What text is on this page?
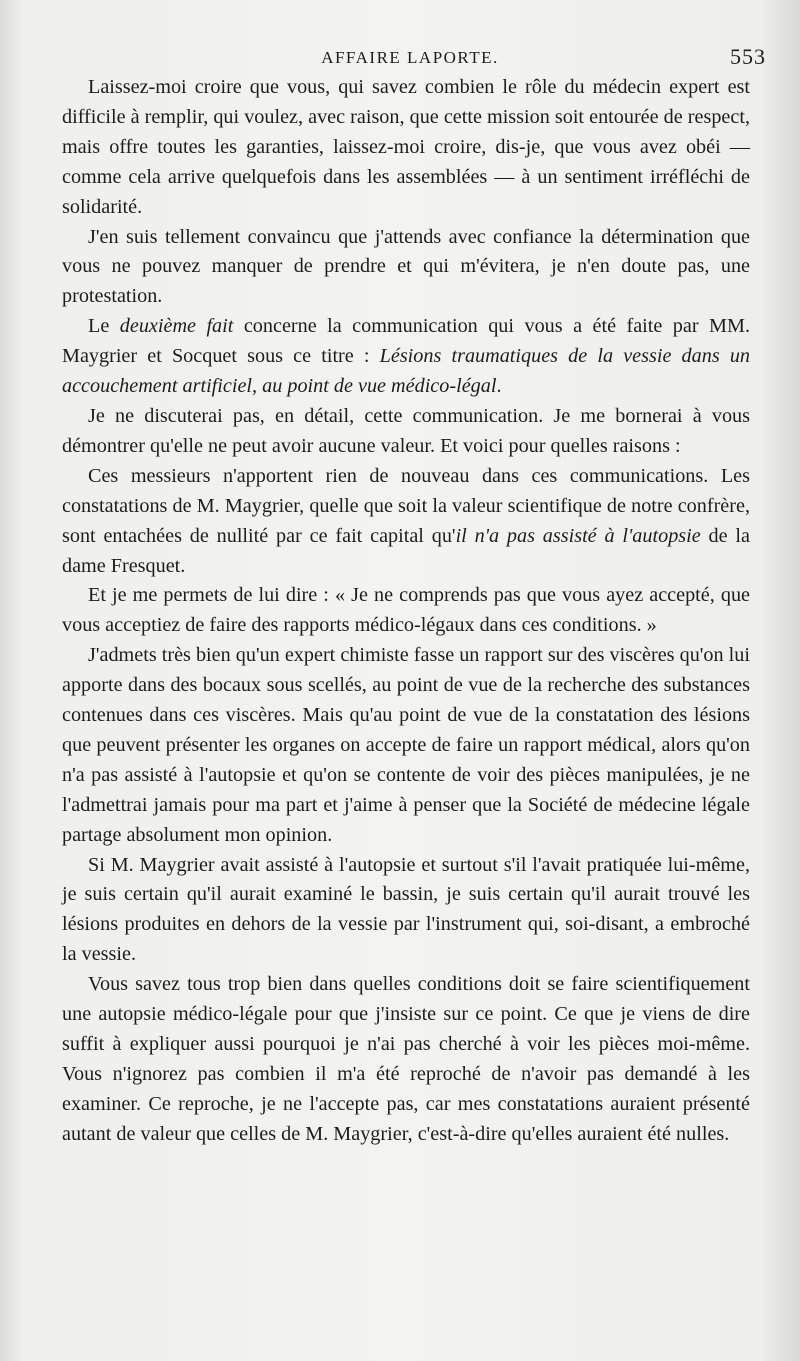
AFFAIRE LAPORTE.	553

Laissez-moi croire que vous, qui savez combien le rôle du médecin expert est difficile à remplir, qui voulez, avec raison, que cette mission soit entourée de respect, mais offre toutes les garanties, laissez-moi croire, dis-je, que vous avez obéi — comme cela arrive quelquefois dans les assemblées — à un sentiment irréfléchi de solidarité.

J'en suis tellement convaincu que j'attends avec confiance la détermination que vous ne pouvez manquer de prendre et qui m'évitera, je n'en doute pas, une protestation.

Le deuxième fait concerne la communication qui vous a été faite par MM. Maygrier et Socquet sous ce titre : Lésions traumatiques de la vessie dans un accouchement artificiel, au point de vue médico-légal.

Je ne discuterai pas, en détail, cette communication. Je me bornerai à vous démontrer qu'elle ne peut avoir aucune valeur. Et voici pour quelles raisons :

Ces messieurs n'apportent rien de nouveau dans ces communications. Les constatations de M. Maygrier, quelle que soit la valeur scientifique de notre confrère, sont entachées de nullité par ce fait capital qu'il n'a pas assisté à l'autopsie de la dame Fresquet.

Et je me permets de lui dire : « Je ne comprends pas que vous ayez accepté, que vous acceptiez de faire des rapports médico-légaux dans ces conditions. »

J'admets très bien qu'un expert chimiste fasse un rapport sur des viscères qu'on lui apporte dans des bocaux sous scellés, au point de vue de la recherche des substances contenues dans ces viscères. Mais qu'au point de vue de la constatation des lésions que peuvent présenter les organes on accepte de faire un rapport médical, alors qu'on n'a pas assisté à l'autopsie et qu'on se contente de voir des pièces manipulées, je ne l'admettrai jamais pour ma part et j'aime à penser que la Société de médecine légale partage absolument mon opinion.

Si M. Maygrier avait assisté à l'autopsie et surtout s'il l'avait pratiquée lui-même, je suis certain qu'il aurait examiné le bassin, je suis certain qu'il aurait trouvé les lésions produites en dehors de la vessie par l'instrument qui, soi-disant, a embroché la vessie.

Vous savez tous trop bien dans quelles conditions doit se faire scientifiquement une autopsie médico-légale pour que j'insiste sur ce point. Ce que je viens de dire suffit à expliquer aussi pourquoi je n'ai pas cherché à voir les pièces moi-même. Vous n'ignorez pas combien il m'a été reproché de n'avoir pas demandé à les examiner. Ce reproche, je ne l'accepte pas, car mes constatations auraient présenté autant de valeur que celles de M. Maygrier, c'est-à-dire qu'elles auraient été nulles.
